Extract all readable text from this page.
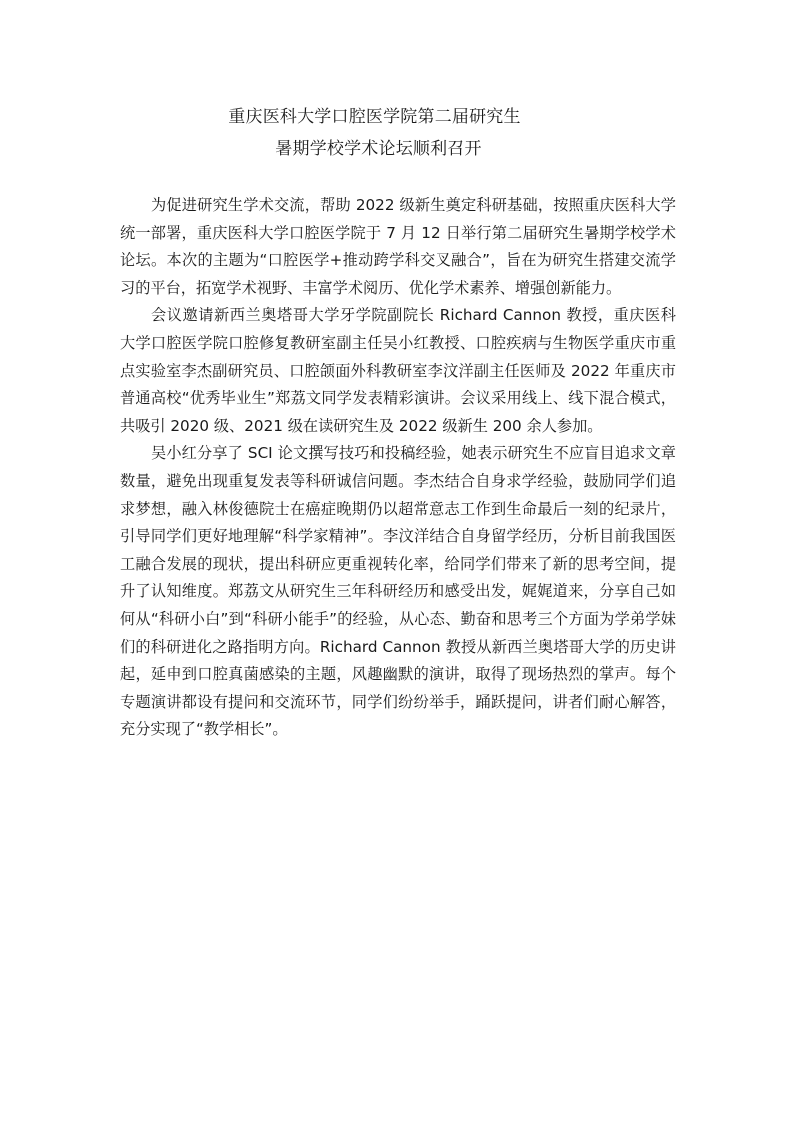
重庆医科大学口腔医学院第二届研究生
暑期学校学术论坛顺利召开

为促进研究生学术交流，帮助 2022 级新生奠定科研基础，按照重庆医科大学统一部署，重庆医科大学口腔医学院于 7 月 12 日举行第二届研究生暑期学校学术论坛。本次的主题为“口腔医学+推动跨学科交叉融合”，旨在为研究生搭建交流学习的平台，拓宽学术视野、丰富学术阅历、优化学术素养、增强创新能力。

会议邀请新西兰奥塔哥大学牙学院副院长 Richard Cannon 教授，重庆医科大学口腔医学院口腔修复教研室副主任吴小红教授、口腔疾病与生物医学重庆市重点实验室李杰副研究员、口腔颌面外科教研室李汶洋副主任医师及 2022 年重庆市普通高校“优秀毕业生”郑荔文同学发表精彩演讲。会议采用线上、线下混合模式，共吸引 2020 级、2021 级在读研究生及 2022 级新生 200 余人参加。

吴小红分享了 SCI 论文撰写技巧和投稿经验，她表示研究生不应盲目追求文章数量，避免出现重复发表等科研诚信问题。李杰结合自身求学经验，鼓励同学们追求梦想，融入林俊德院士在癌症晚期仍以超常意志工作到生命最后一刻的纪录片，引导同学们更好地理解“科学家精神”。李汶洋结合自身留学经历，分析目前我国医工融合发展的现状，提出科研应更重视转化率，给同学们带来了新的思考空间，提升了认知维度。郑荔文从研究生三年科研经历和感受出发，娓娓道来，分享自己如何从“科研小白”到“科研小能手”的经验，从心态、勤奋和思考三个方面为学弟学妹们的科研进化之路指明方向。Richard Cannon 教授从新西兰奥塔哥大学的历史讲起，延申到口腔真菌感染的主题，风趣幽默的演讲，取得了现场热烈的掌声。每个专题演讲都设有提问和交流环节，同学们纷纷举手，踊跃提问，讲者们耐心解答，充分实现了“教学相长”。
